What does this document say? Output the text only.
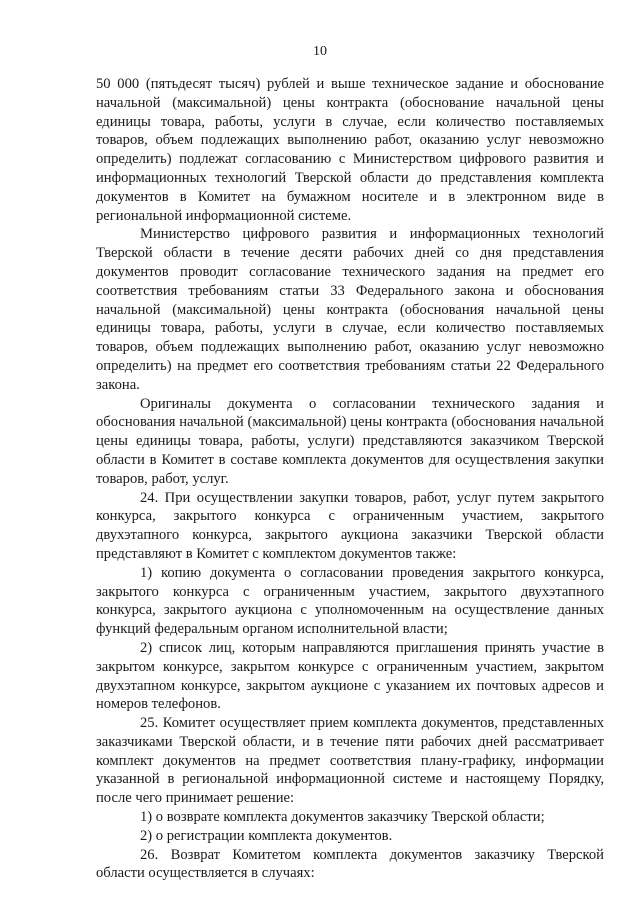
10

50 000 (пятьдесят тысяч) рублей и выше техническое задание и обоснование начальной (максимальной) цены контракта (обоснование начальной цены единицы товара, работы, услуги в случае, если количество поставляемых товаров, объем подлежащих выполнению работ, оказанию услуг невозможно определить) подлежат согласованию с Министерством цифрового развития и информационных технологий Тверской области до представления комплекта документов в Комитет на бумажном носителе и в электронном виде в региональной информационной системе.

Министерство цифрового развития и информационных технологий Тверской области в течение десяти рабочих дней со дня представления документов проводит согласование технического задания на предмет его соответствия требованиям статьи 33 Федерального закона и обоснования начальной (максимальной) цены контракта (обоснования начальной цены единицы товара, работы, услуги в случае, если количество поставляемых товаров, объем подлежащих выполнению работ, оказанию услуг невозможно определить) на предмет его соответствия требованиям статьи 22 Федерального закона.

Оригиналы документа о согласовании технического задания и обоснования начальной (максимальной) цены контракта (обоснования начальной цены единицы товара, работы, услуги) представляются заказчиком Тверской области в Комитет в составе комплекта документов для осуществления закупки товаров, работ, услуг.

24. При осуществлении закупки товаров, работ, услуг путем закрытого конкурса, закрытого конкурса с ограниченным участием, закрытого двухэтапного конкурса, закрытого аукциона заказчики Тверской области представляют в Комитет с комплектом документов также:

1) копию документа о согласовании проведения закрытого конкурса, закрытого конкурса с ограниченным участием, закрытого двухэтапного конкурса, закрытого аукциона с уполномоченным на осуществление данных функций федеральным органом исполнительной власти;

2) список лиц, которым направляются приглашения принять участие в закрытом конкурсе, закрытом конкурсе с ограниченным участием, закрытом двухэтапном конкурсе, закрытом аукционе с указанием их почтовых адресов и номеров телефонов.

25. Комитет осуществляет прием комплекта документов, представленных заказчиками Тверской области, и в течение пяти рабочих дней рассматривает комплект документов на предмет соответствия плану-графику, информации указанной в региональной информационной системе и настоящему Порядку, после чего принимает решение:

1) о возврате комплекта документов заказчику Тверской области;

2) о регистрации комплекта документов.

26. Возврат Комитетом комплекта документов заказчику Тверской области осуществляется в случаях:
